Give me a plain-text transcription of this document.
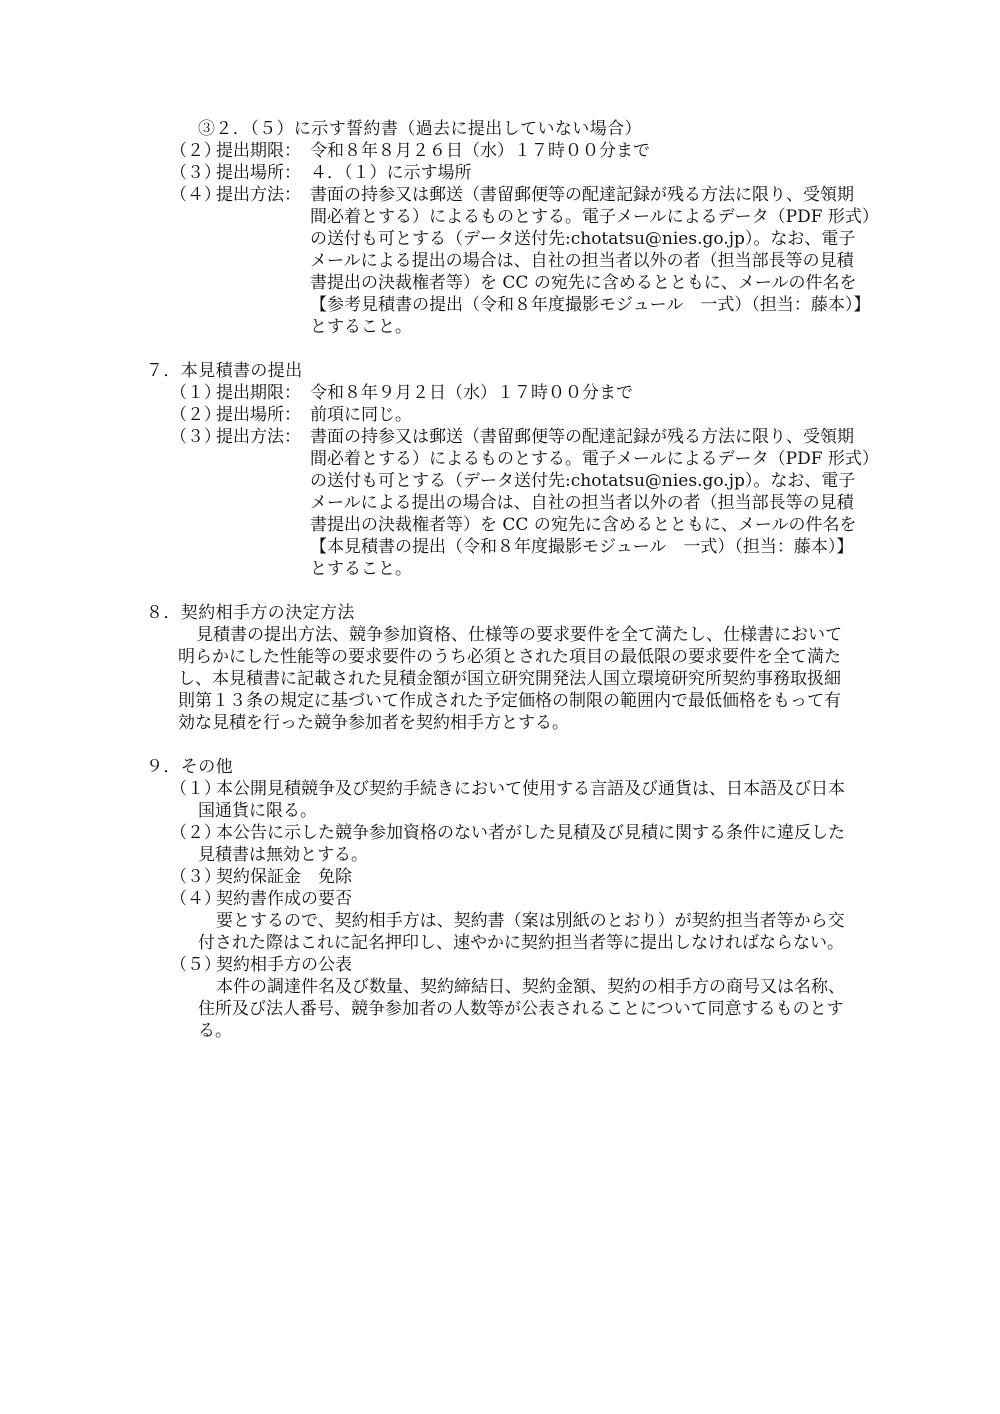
③２．（５）に示す誓約書（過去に提出していない場合）
（２）
提出期限： 令和８年８月２６日（水）１７時００分まで
（３）
提出場所： ４．（１）に示す場所
（４）
提出方法： 書面の持参又は郵送（書留郵便等の配達記録が残る方法に限り、受領期
間必着とする）によるものとする。電子メールによるデータ（PDF 形式）
の送付も可とする（データ送付先:chotatsu@nies.go.jp）。なお、電子
メールによる提出の場合は、自社の担当者以外の者（担当部長等の見積
書提出の決裁権者等）を CC の宛先に含めるとともに、メールの件名を
【参考見積書の提出（令和８年度撮影モジュール　一式）（担当：藤本）】
とすること。
７．本見積書の提出
（１）
提出期限： 令和８年９月２日（水）１７時００分まで
（２）
提出場所： 前項に同じ。
（３）
提出方法： 書面の持参又は郵送（書留郵便等の配達記録が残る方法に限り、受領期
間必着とする）によるものとする。電子メールによるデータ（PDF 形式）
の送付も可とする（データ送付先:chotatsu@nies.go.jp）。なお、電子
メールによる提出の場合は、自社の担当者以外の者（担当部長等の見積
書提出の決裁権者等）を CC の宛先に含めるとともに、メールの件名を
【本見積書の提出（令和８年度撮影モジュール　一式）（担当：藤本）】
とすること。
８．契約相手方の決定方法
見積書の提出方法、競争参加資格、仕様等の要求要件を全て満たし、仕様書において
明らかにした性能等の要求要件のうち必須とされた項目の最低限の要求要件を全て満た
し、本見積書に記載された見積金額が国立研究開発法人国立環境研究所契約事務取扱細
則第１３条の規定に基づいて作成された予定価格の制限の範囲内で最低価格をもって有
効な見積を行った競争参加者を契約相手方とする。
９．その他
（１）
本公開見積競争及び契約手続きにおいて使用する言語及び通貨は、日本語及び日本
国通貨に限る。
（２）
本公告に示した競争参加資格のない者がした見積及び見積に関する条件に違反した
見積書は無効とする。
（３）
契約保証金　免除
（４）
契約書作成の要否
要とするので、契約相手方は、契約書（案は別紙のとおり）が契約担当者等から交
付された際はこれに記名押印し、速やかに契約担当者等に提出しなければならない。
（５）
契約相手方の公表
本件の調達件名及び数量、契約締結日、契約金額、契約の相手方の商号又は名称、
住所及び法人番号、競争参加者の人数等が公表されることについて同意するものとす
る。
